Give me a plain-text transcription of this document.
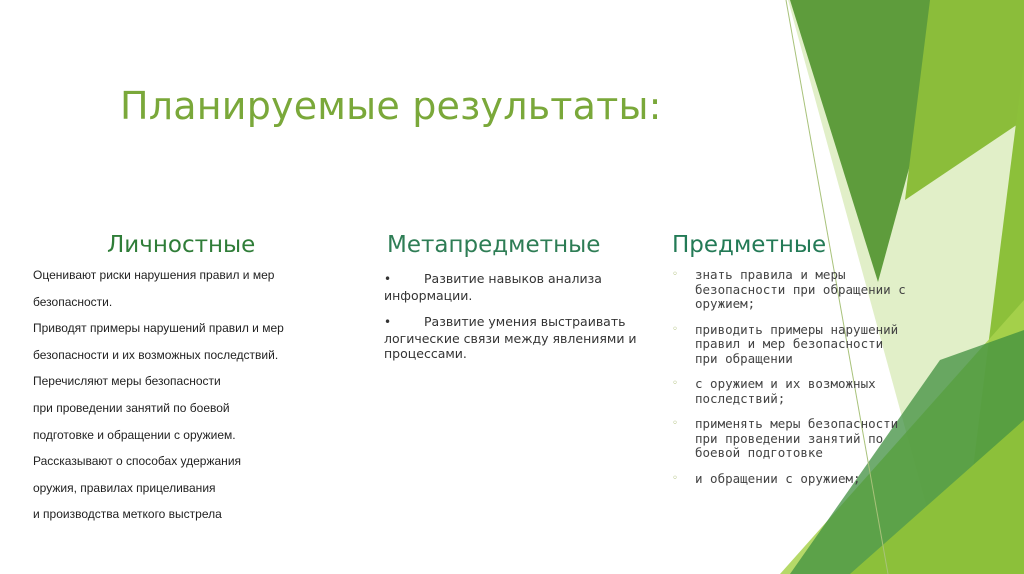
Планируемые результаты:
Личностные	Метапредметные	Предметные

Оценивают риски нарушения правил и мер

безопасности.

Приводят примеры нарушений правил и мер

безопасности и их возможных последствий.

Перечисляют меры безопасности

при проведении занятий по боевой

подготовке и обращении с оружием.

Рассказывают о способах удержания

оружия, правилах прицеливания

и производства меткого выстрела

•	Развитие навыков анализа информации.
•	Развитие умения выстраивать логические связи между явлениями и процессами.
◦ знать правила и меры безопасности при обращении с оружием;
◦ приводить примеры нарушений правил и мер безопасности при обращении
◦ с оружием и их возможных последствий;
◦ применять меры безопасности при проведении занятий по боевой подготовке
◦ и обращении с оружием;
